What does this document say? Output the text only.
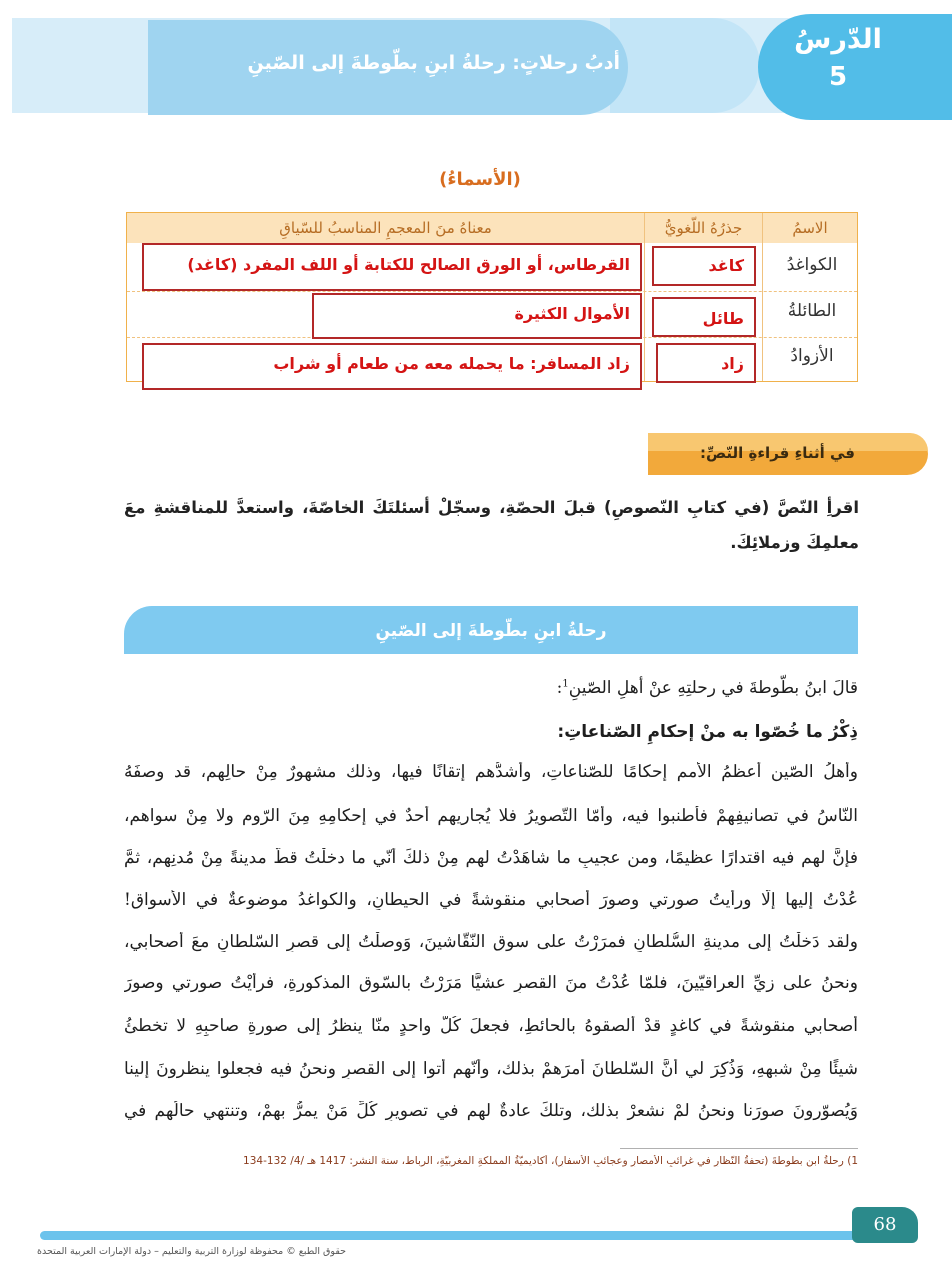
أدبُ رحلاتٍ: رحلةُ ابنِ بطّوطةَ إلى الصّينِ
الدّرسُ
5
(الأسماءُ)
الاسمُ
جذرُهُ اللّغويُّ
معناهُ منَ المعجمِ المناسبُ للسّياقِ
الكواغدُ
الطائلةُ
الأزوادُ
كاغد
القرطاس، أو الورق الصالح للكتابة أو اللف المفرد (كاغد)
طائل
الأموال الكثيرة
زاد
زاد المسافر: ما يحمله معه من طعام أو شراب
في أثناءِ قراءةِ النّصِّ:
اقرأِ النّصَّ (في كتابِ النّصوصِ) قبلَ الحصّةِ، وسجّلْ أسئلتَكَ الخاصّةَ، واستعدَّ للمناقشةِ معَ معلمِكَ وزملائِكَ.
رحلةُ ابنِ بطّوطةَ إلى الصّينِ
قالَ ابنُ بطّوطةَ في رحلتِهِ عنْ أهلِ الصّينِ$^1$:
ذِكْرُ ما خُصّوا به منْ إحكامِ الصّناعاتِ:
وأهلُ الصّينِ أعظمُ الأممِ إحكامًا للصّناعاتِ، وأشدُّهم إتقانًا فيها، وذلك مشهورٌ مِنْ حالِهم، قد وصفَهُ
النّاسُ في تصانيفِهِمْ فأطنبوا فيه، وأمّا التّصويرُ فلا يُجاريهم أحدٌ في إحكامِهِ مِنَ الرّومِ ولا مِنْ سواهم،
فإنَّ لهم فيه اقتدارًا عظيمًا، ومن عجيبِ ما شاهَدْتُ لهم مِنْ ذلكَ أنّي ما دخلْتُ قطُّ مدينةً مِنْ مُدنِهم، ثمَّ
عُدْتُ إليها إلّا ورأيتُ صورتي وصورَ أصحابي منقوشةً في الحيطانِ، والكواغدُ موضوعةٌ في الأسواقِ!
ولقد دَخلْتُ إلى مدينةِ السُّلطانِ فمرَرْتُ على سوقِ النّقّاشينَ، وَوصلْتُ إلى قصرِ السّلطانِ معَ أصحابي،
ونحنُ على زيِّ العراقيّينَ، فلمّا عُدْتُ منَ القصرِ عشيًّا مَرَرْتُ بالسّوقِ المذكورةِ، فرأيْتُ صورتي وصورَ
أصحابي منقوشةً في كاغدٍ قدْ ألصقوهُ بالحائطِ، فجعلَ كُلُّ واحدٍ منّا ينظرُ إلى صورةِ صاحبِهِ لا تخطئُ
شيئًا مِنْ شبهِهِ، وَذُكِرَ لي أنَّ السّلطانَ أمرَهمْ بذلك، وأنّهم أتوا إلى القصرِ ونحنُ فيه فجعلوا ينظرونَ إلينا
وَيُصوّرونَ صورَنا ونحنُ لمْ نشعرْ بذلك، وتلكَ عادةٌ لهم في تصويرِ كُلِّ مَنْ يمرُّ بهمْ، وتنتهي حالُهم في
1) رحلةُ ابنِ بطّوطةَ (تحفةُ النّظارِ في غرائبِ الأمصارِ وعجائبِ الأسفارِ)، أكاديميّةُ المملكةِ المغربيّةِ، الرباط، سنة النشر: 1417 هـ /4/ 132-134
68
حقوق الطبع © محفوظة لوزارة التربية والتعليم – دولة الإمارات العربية المتحدة
